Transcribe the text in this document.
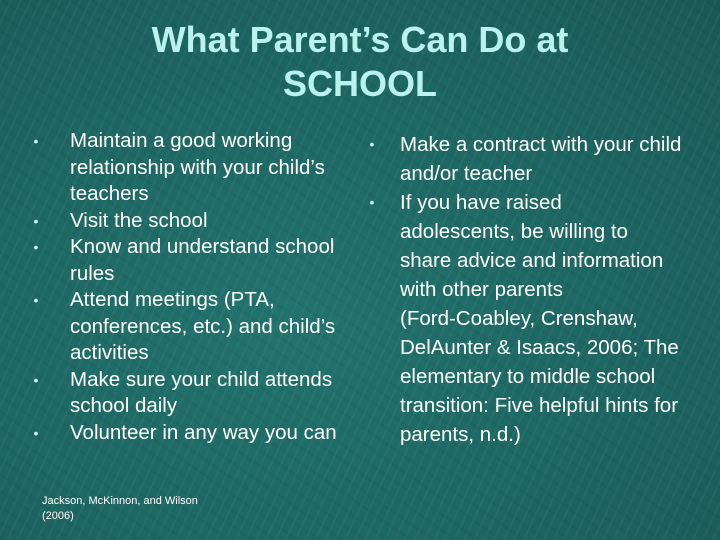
What Parent’s Can Do at
SCHOOL
•	Maintain a good working relationship with your child’s teachers
•	Visit the school
•	Know and understand school rules
•	Attend meetings (PTA, conferences, etc.) and child’s activities
•	Make sure your child attends school daily
•	Volunteer in any way you can
Jackson, McKinnon, and Wilson (2006)
•	Make a contract with your child and/or teacher
•	If you have raised adolescents, be willing to share advice and information with other parents
(Ford-Coabley, Crenshaw, DelAunter & Isaacs, 2006; The elementary to middle school transition: Five helpful hints for parents, n.d.)
